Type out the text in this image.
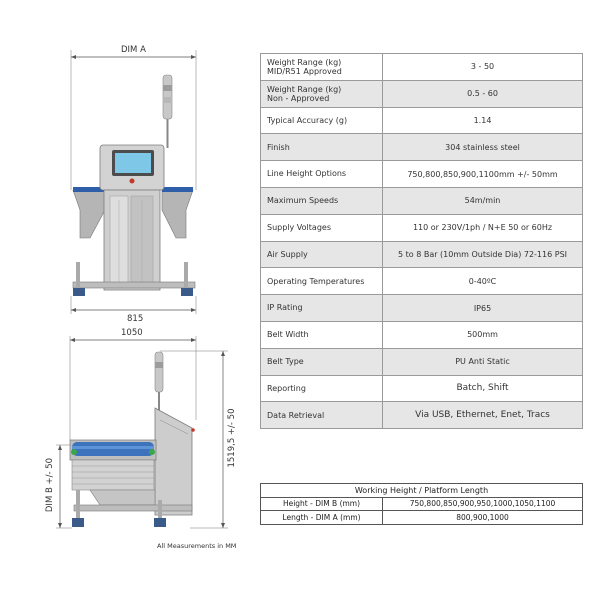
DIM A
815
1050
1519,5 +/- 50
DIM B +/- 50
All Measurements in MM
Weight Range (kg)
MID/R51 Approved	3 - 50
Weight Range (kg)
Non - Approved	0.5 - 60
Typical Accuracy (g)	1.14
Finish	304 stainless steel
Line Height Options	750,800,850,900,1100mm +/- 50mm
Maximum Speeds	54m/min
Supply Voltages	110 or 230V/1ph / N+E 50 or 60Hz
Air Supply	5 to 8 Bar (10mm Outside Dia) 72-116 PSI
Operating Temperatures	0-40ºC
IP Rating	IP65
Belt Width	500mm
Belt Type	PU Anti Static
Reporting	Batch, Shift
Data Retrieval	Via USB, Ethernet, Enet, Tracs
Working Height / Platform Length	
Height - DIM B (mm)	750,800,850,900,950,1000,1050,1100
Length - DIM A (mm)	800,900,1000
